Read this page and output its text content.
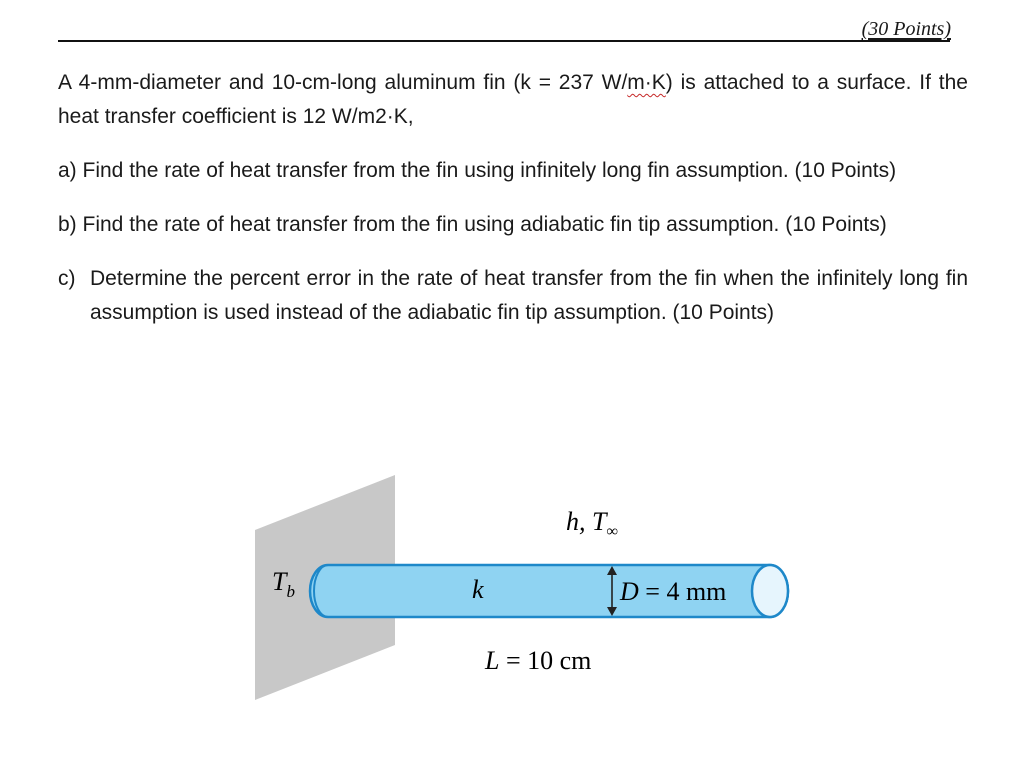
(30 Points)

A 4-mm-diameter and 10-cm-long aluminum fin (k = 237 W/m·K) is attached to a surface. If the heat transfer coefficient is 12 W/m2·K,

a) Find the rate of heat transfer from the fin using infinitely long fin assumption. (10 Points)

b) Find the rate of heat transfer from the fin using adiabatic fin tip assumption. (10 Points)

c) Determine the percent error in the rate of heat transfer from the fin when the infinitely long fin assumption is used instead of the adiabatic fin tip assumption. (10 Points)
h, $T_\infty$
$T_b$	k	D = 4 mm
L = 10 cm
